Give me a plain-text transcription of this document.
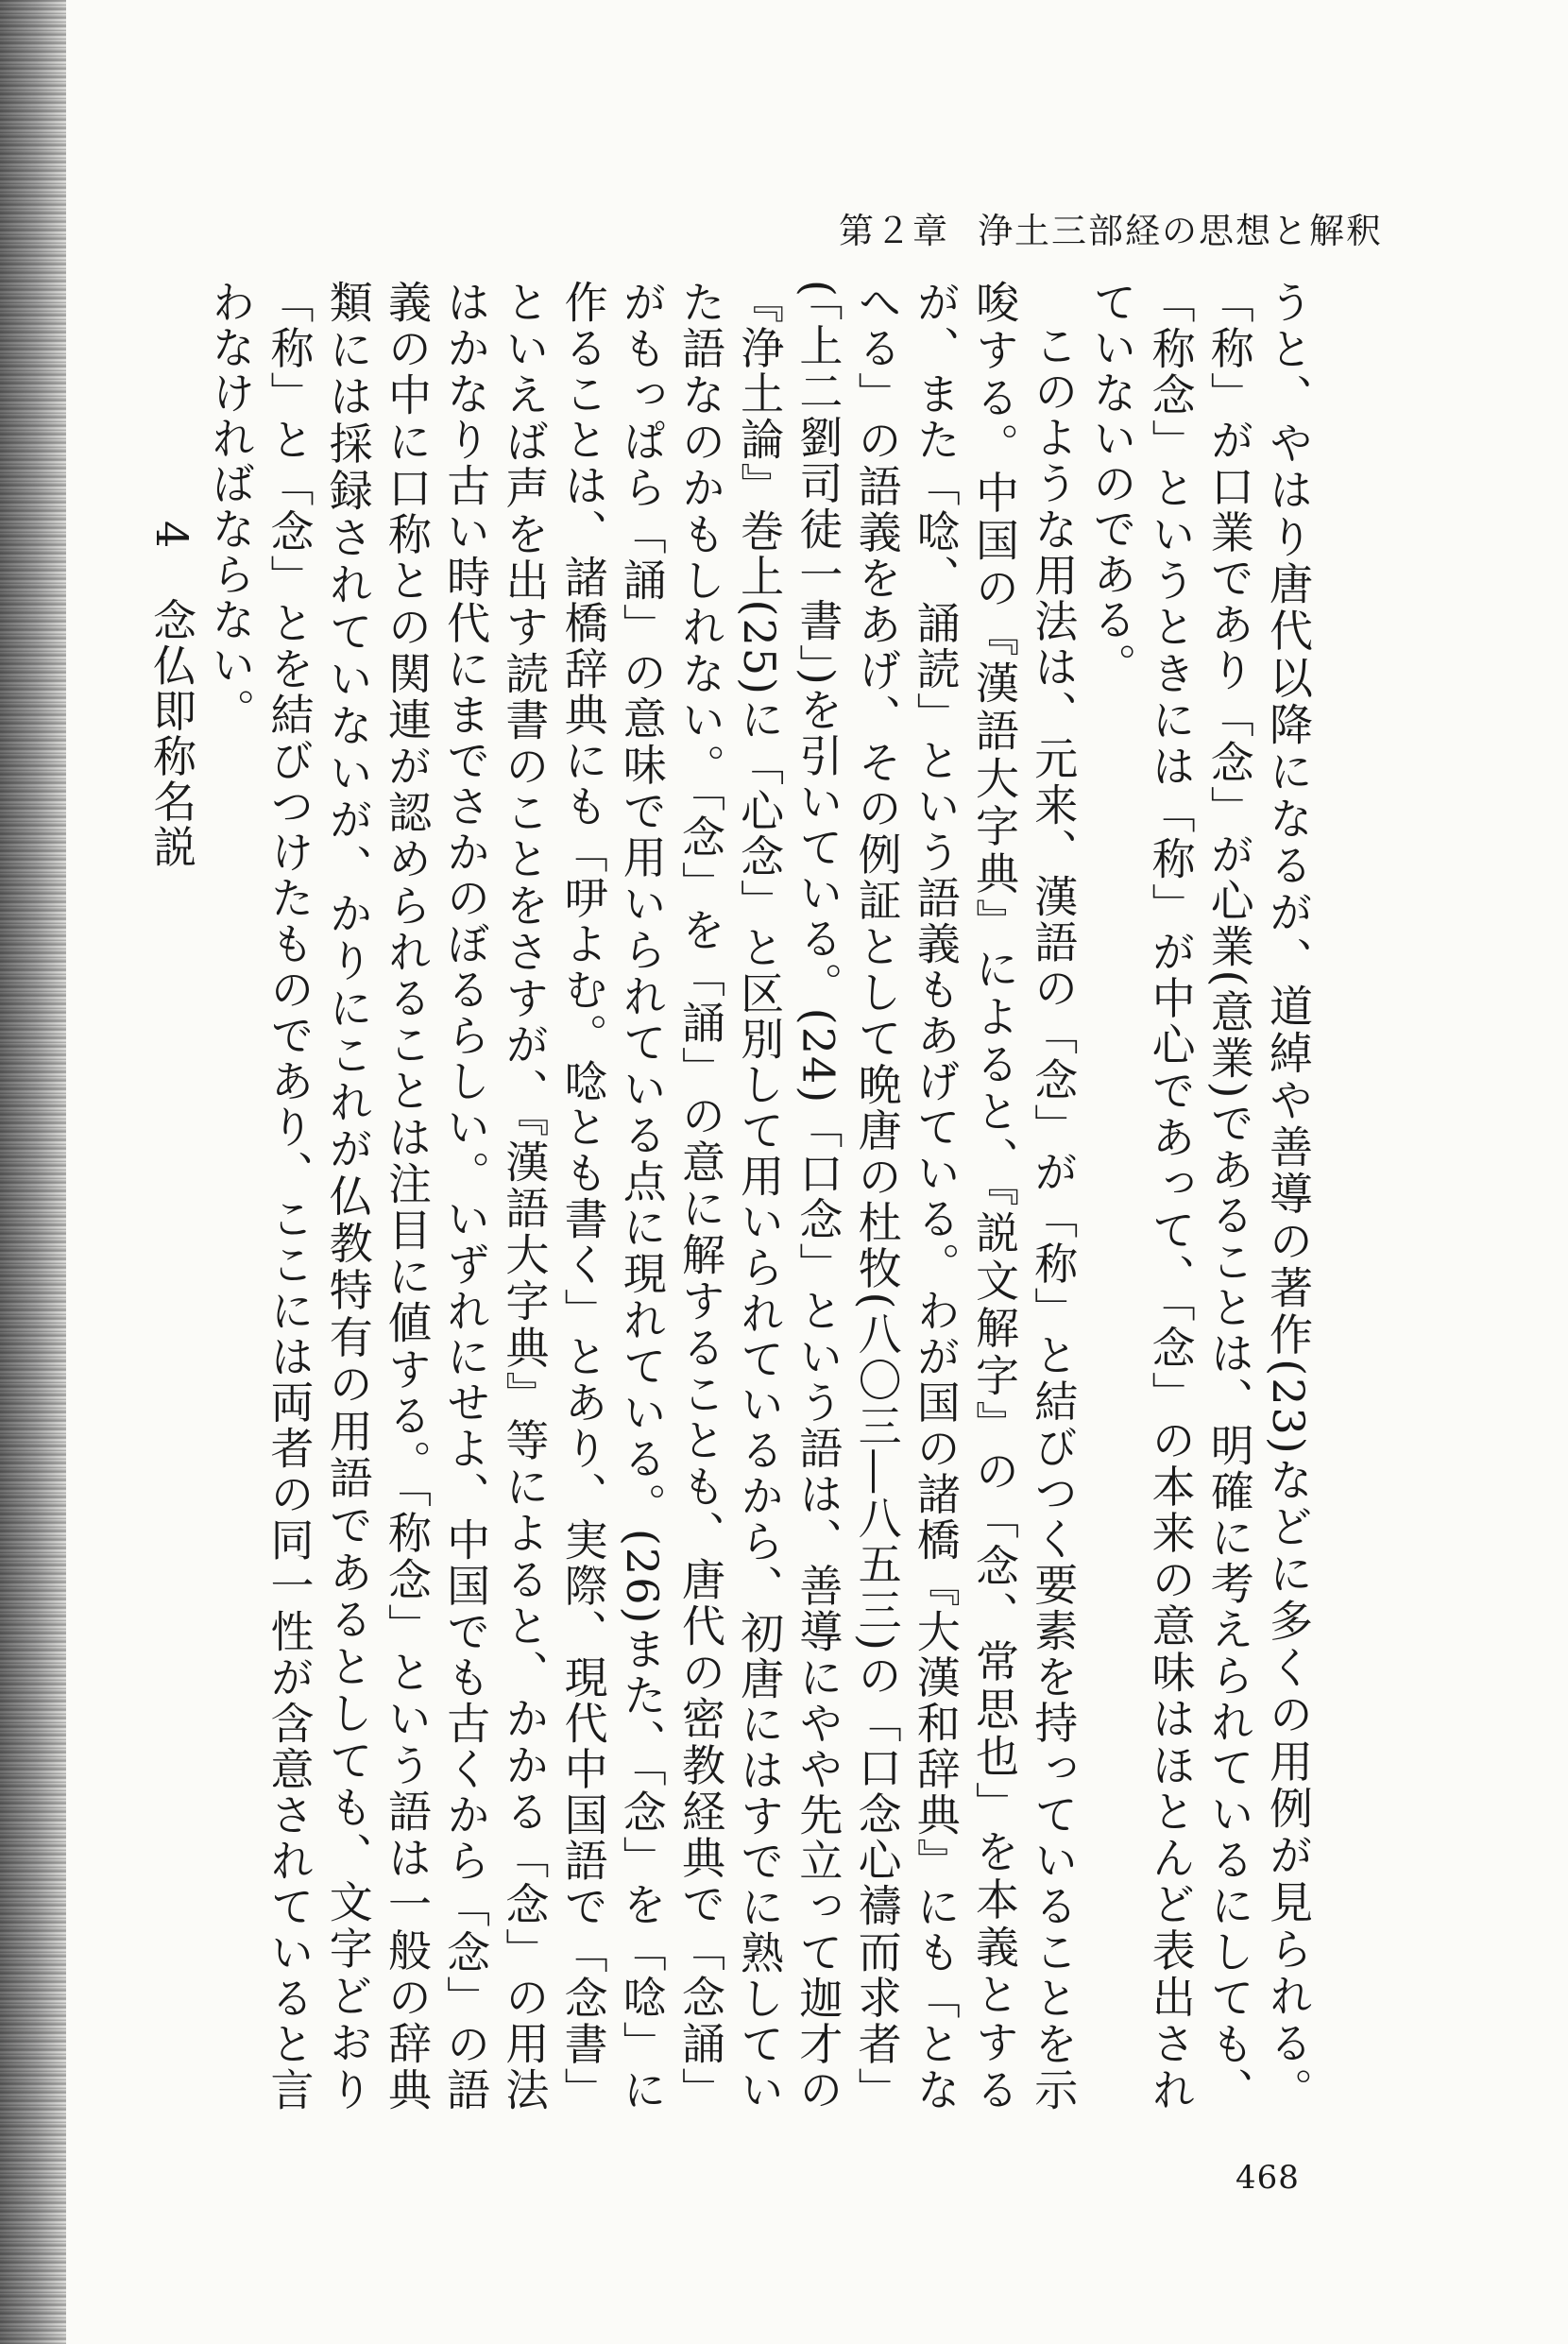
第２章 浄土三部経の思想と解釈

うと、やはり唐代以降になるが、道綽や善導の著作(23)などに多くの用例が見られる。「称」が口業であり「念」が心業(意業)であることは、明確に考えられているにしても、「称念」というときには「称」が中心であって、「念」の本来の意味はほとんど表出されていないのである。

このような用法は、元来、漢語の「念」が「称」と結びつく要素を持っていることを示唆する。中国の『漢語大字典』によると、『説文解字』の「念、常思也」を本義とするが、また「唸、誦読」という語義もあげている。わが国の諸橋『大漢和辞典』にも「となへる」の語義をあげ、その例証として晩唐の杜牧(八〇三―八五三)の「口念心禱而求者」(「上二劉司徒一書」)を引いている。(24)「口念」という語は、善導にやや先立って迦才の『浄土論』巻上(25)に「心念」と区別して用いられているから、初唐にはすでに熟していた語なのかもしれない。「念」を「誦」の意に解することも、唐代の密教経典で「念誦」がもっぱら「誦」の意味で用いられている点に現れている。(26)また、「念」を「唸」に作ることは、諸橋辞典にも「吚よむ。唸とも書く」とあり、実際、現代中国語で「念書」といえば声を出す読書のことをさすが、『漢語大字典』等によると、かかる「念」の用法はかなり古い時代にまでさかのぼるらしい。いずれにせよ、中国でも古くから「念」の語義の中に口称との関連が認められることは注目に値する。「称念」という語は一般の辞典類には採録されていないが、かりにこれが仏教特有の用語であるとしても、文字どおり「称」と「念」とを結びつけたものであり、ここには両者の同一性が含意されていると言わなければならない。

4念仏即称名説

468
